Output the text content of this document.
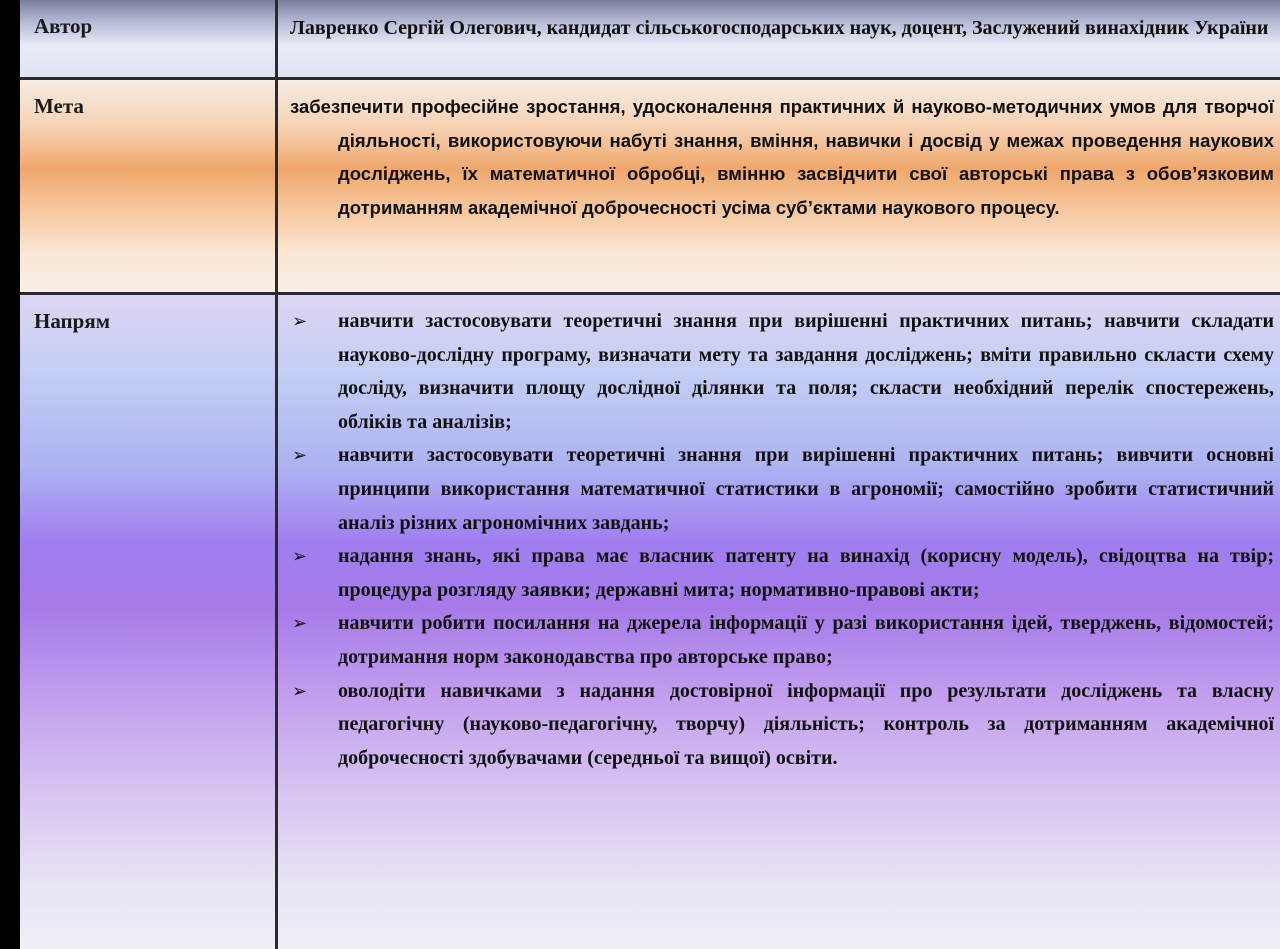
Автор	Лавренко Сергій Олегович, кандидат сільськогосподарських наук, доцент, Заслужений винахідник України
Мета	забезпечити професійне зростання, удосконалення практичних й науково-методичних умов для творчої діяльності, використовуючи набуті знання, вміння, навички і досвід у межах проведення наукових досліджень, їх математичної обробці, вмінню засвідчити свої авторські права з обов’язковим дотриманням академічної доброчесності усіма суб’єктами наукового процесу.
Напрям	➢ навчити застосовувати теоретичні знання при вирішенні практичних питань; навчити складати науково-дослідну програму, визначати мету та завдання досліджень; вміти правильно скласти схему досліду, визначити площу дослідної ділянки та поля; скласти необхідний перелік спостережень, обліків та аналізів;
➢ навчити застосовувати теоретичні знання при вирішенні практичних питань; вивчити основні принципи використання математичної статистики в агрономії; самостійно зробити статистичний аналіз різних агрономічних завдань;
➢ надання знань, які права має власник патенту на винахід (корисну модель), свідоцтва на твір; процедура розгляду заявки; державні мита; нормативно-правові акти;
➢ навчити робити посилання на джерела інформації у разі використання ідей, тверджень, відомостей; дотримання норм законодавства про авторське право;
➢ оволодіти навичками з надання достовірної інформації про результати досліджень та власну педагогічну (науково-педагогічну, творчу) діяльність; контроль за дотриманням академічної доброчесності здобувачами (середньої та вищої) освіти.
